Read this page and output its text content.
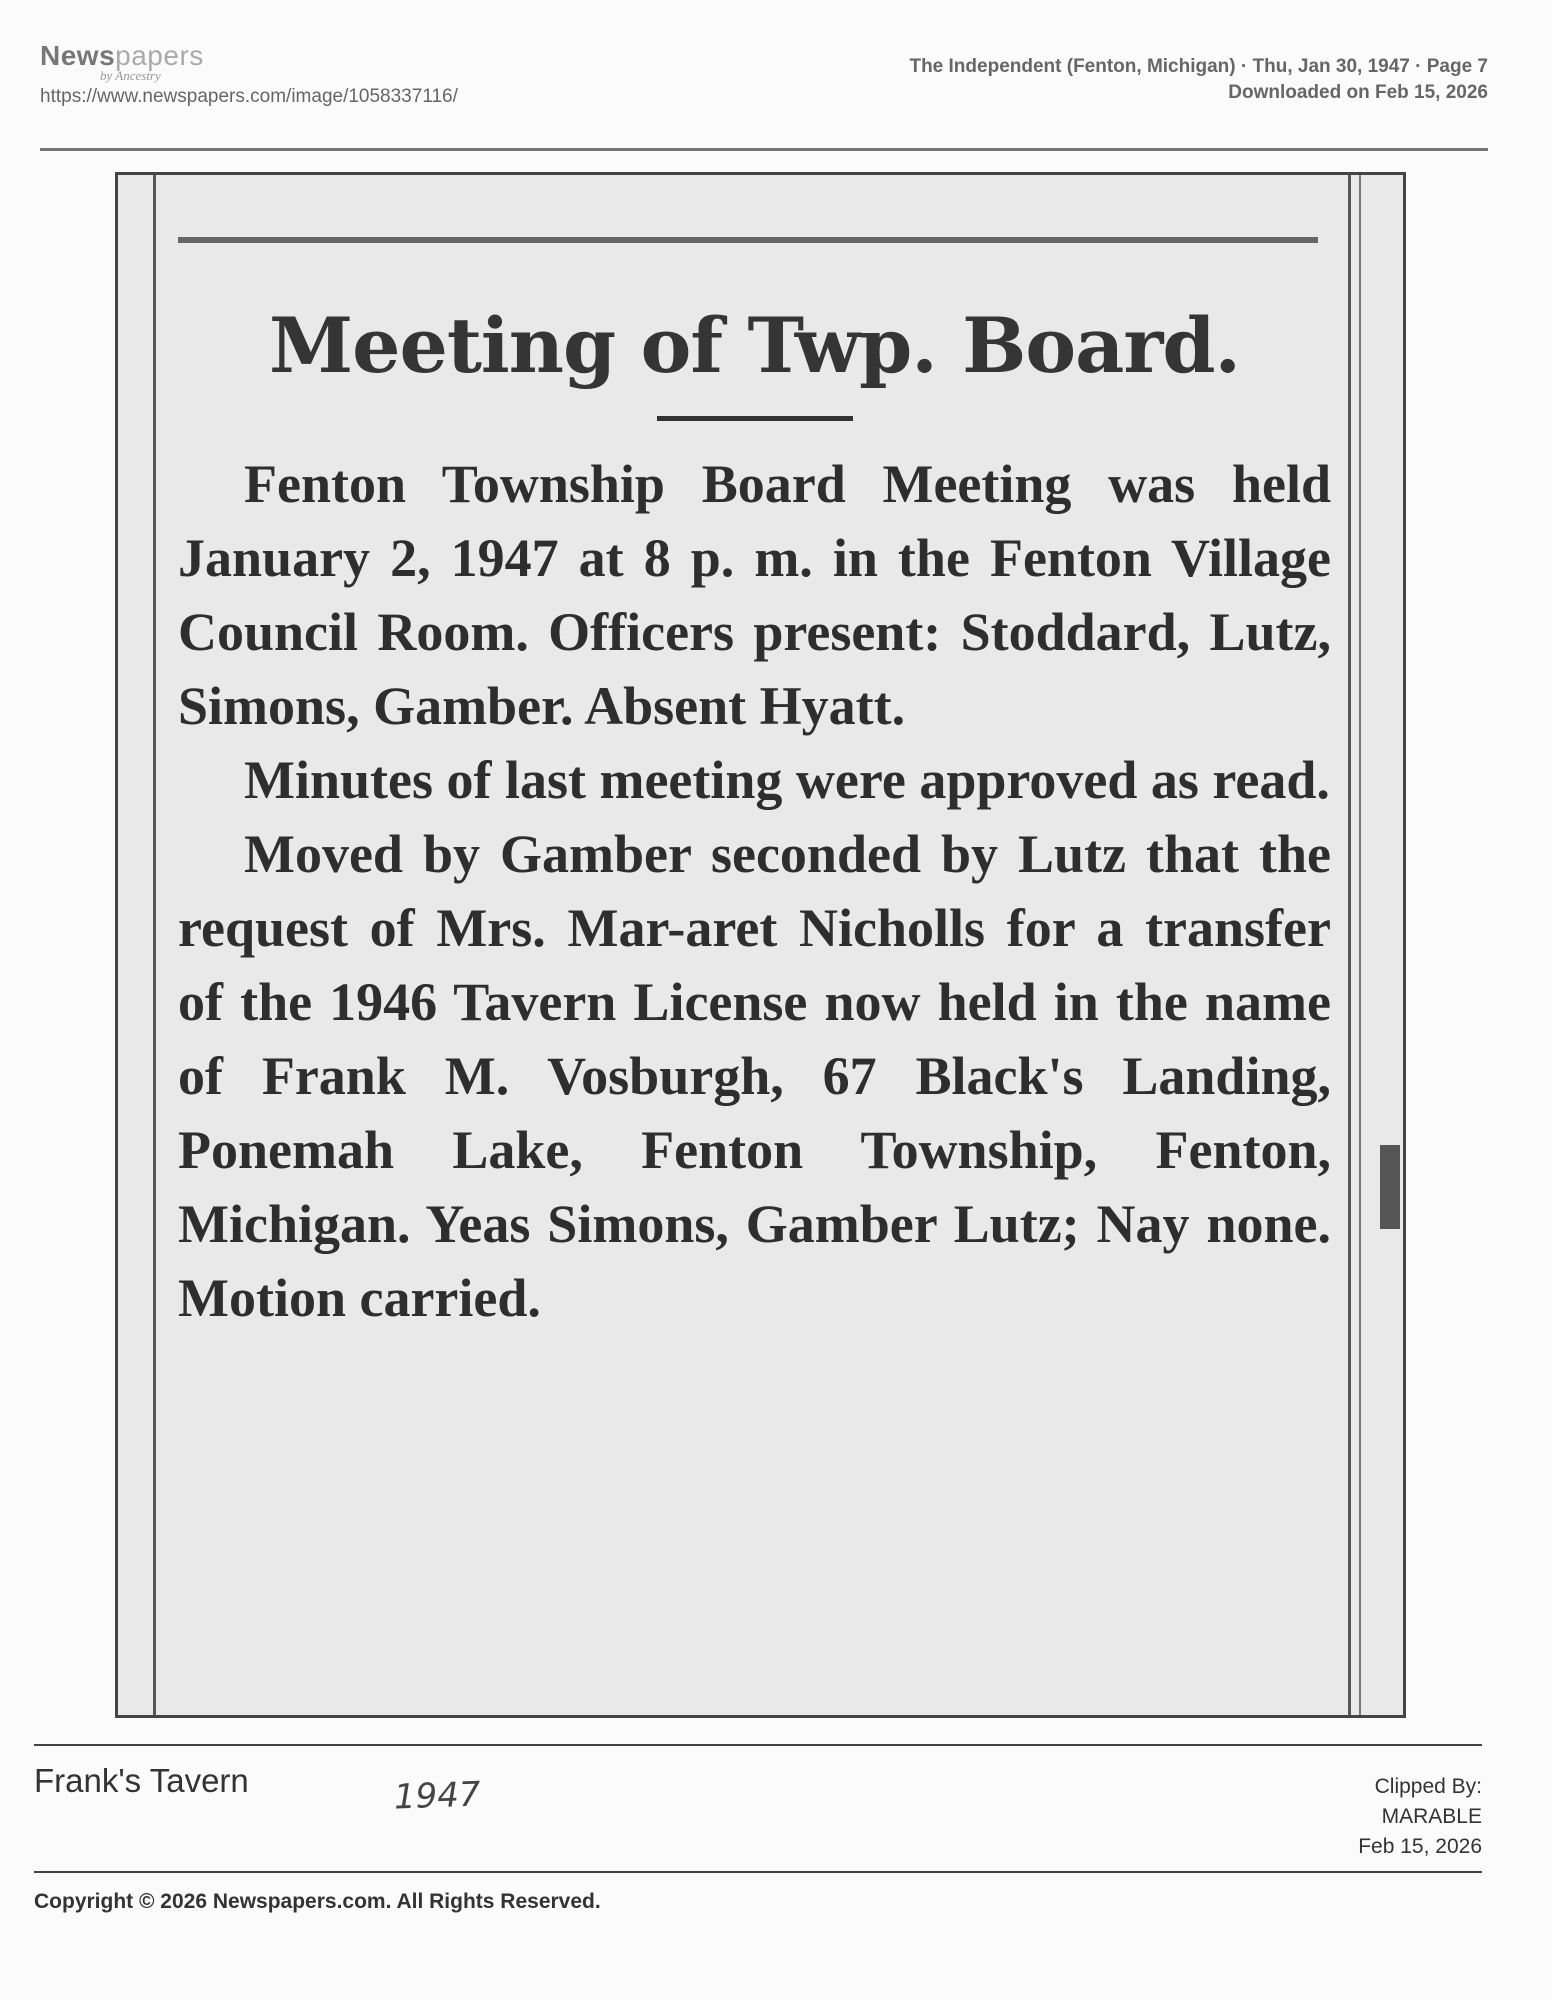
Newspapers
by Ancestry
https://www.newspapers.com/image/1058337116/
The Independent (Fenton, Michigan) · Thu, Jan 30, 1947 · Page 7
Downloaded on Feb 15, 2026
Meeting of Twp. Board.

Fenton Township Board Meeting was held January 2, 1947 at 8 p. m. in the Fenton Village Council Room. Officers present: Stoddard, Lutz, Simons, Gamber. Absent Hyatt.

Minutes of last meeting were approved as read.

Moved by Gamber seconded by Lutz that the request of Mrs. Mar-aret Nicholls for a transfer of the 1946 Tavern License now held in the name of Frank M. Vosburgh, 67 Black's Landing, Ponemah Lake, Fenton Township, Fenton, Michigan. Yeas Simons, Gamber Lutz; Nay none. Motion carried.

Frank's Tavern	1947	Clipped By:
MARABLE
Feb 15, 2026
Copyright © 2026 Newspapers.com. All Rights Reserved.
